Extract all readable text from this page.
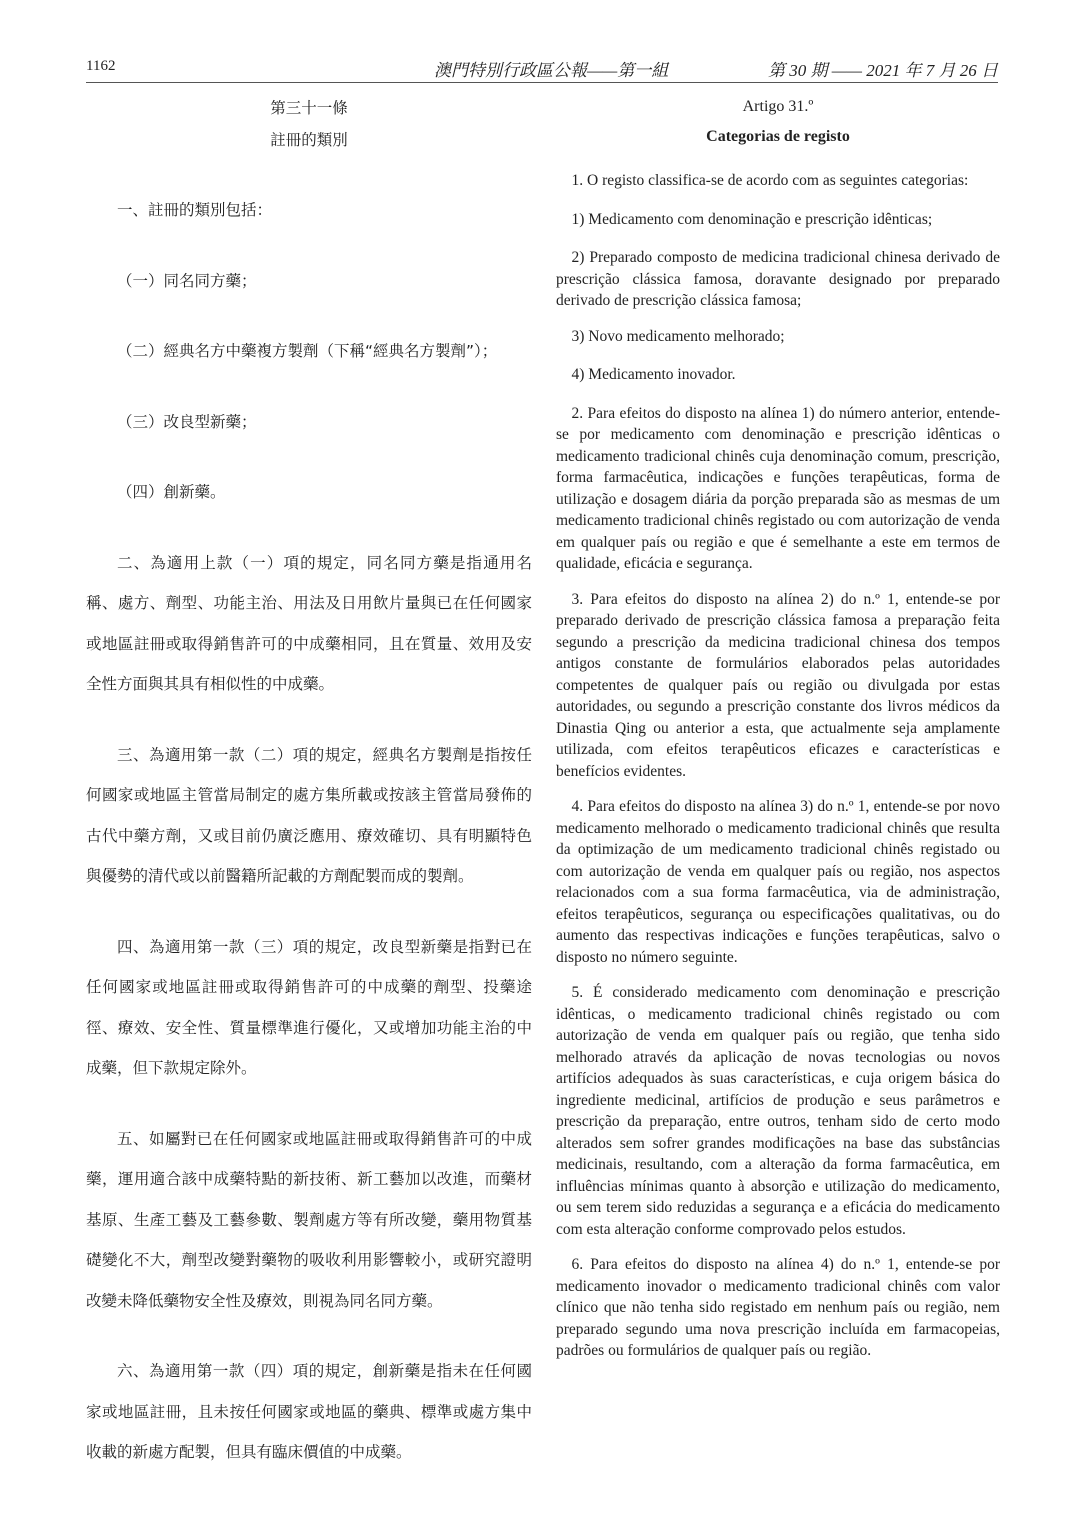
1162	澳門特別行政區公報——第一組	第 30 期 —— 2021 年 7 月 26 日

第三十一條

註冊的類別

一、註冊的類別包括：

（一）同名同方藥；

（二）經典名方中藥複方製劑（下稱“經典名方製劑”）；

（三）改良型新藥；

（四）創新藥。

二、為適用上款（一）項的規定，同名同方藥是指通用名稱、處方、劑型、功能主治、用法及日用飲片量與已在任何國家或地區註冊或取得銷售許可的中成藥相同，且在質量、效用及安全性方面與其具有相似性的中成藥。

三、為適用第一款（二）項的規定，經典名方製劑是指按任何國家或地區主管當局制定的處方集所載或按該主管當局發佈的古代中藥方劑，又或目前仍廣泛應用、療效確切、具有明顯特色與優勢的清代或以前醫籍所記載的方劑配製而成的製劑。

四、為適用第一款（三）項的規定，改良型新藥是指對已在任何國家或地區註冊或取得銷售許可的中成藥的劑型、投藥途徑、療效、安全性、質量標準進行優化，又或增加功能主治的中成藥，但下款規定除外。

五、如屬對已在任何國家或地區註冊或取得銷售許可的中成藥，運用適合該中成藥特點的新技術、新工藝加以改進，而藥材基原、生產工藝及工藝參數、製劑處方等有所改變，藥用物質基礎變化不大，劑型改變對藥物的吸收利用影響較小，或研究證明改變未降低藥物安全性及療效，則視為同名同方藥。

六、為適用第一款（四）項的規定，創新藥是指未在任何國家或地區註冊，且未按任何國家或地區的藥典、標準或處方集中收載的新處方配製，但具有臨床價值的中成藥。

Artigo 31.º

Categorias de registo

1. O registo classifica-se de acordo com as seguintes categorias:

1) Medicamento com denominação e prescrição idênticas;

2) Preparado composto de medicina tradicional chinesa derivado de prescrição clássica famosa, doravante designado por preparado derivado de prescrição clássica famosa;

3) Novo medicamento melhorado;

4) Medicamento inovador.

2. Para efeitos do disposto na alínea 1) do número anterior, entende-se por medicamento com denominação e prescrição idênticas o medicamento tradicional chinês cuja denominação comum, prescrição, forma farmacêutica, indicações e funções terapêuticas, forma de utilização e dosagem diária da porção preparada são as mesmas de um medicamento tradicional chinês registado ou com autorização de venda em qualquer país ou região e que é semelhante a este em termos de qualidade, eficácia e segurança.

3. Para efeitos do disposto na alínea 2) do n.º 1, entende-se por preparado derivado de prescrição clássica famosa a preparação feita segundo a prescrição da medicina tradicional chinesa dos tempos antigos constante de formulários elaborados pelas autoridades competentes de qualquer país ou região ou divulgada por estas autoridades, ou segundo a prescrição constante dos livros médicos da Dinastia Qing ou anterior a esta, que actualmente seja amplamente utilizada, com efeitos terapêuticos eficazes e características e benefícios evidentes.

4. Para efeitos do disposto na alínea 3) do n.º 1, entende-se por novo medicamento melhorado o medicamento tradicional chinês que resulta da optimização de um medicamento tradicional chinês registado ou com autorização de venda em qualquer país ou região, nos aspectos relacionados com a sua forma farmacêutica, via de administração, efeitos terapêuticos, segurança ou especificações qualitativas, ou do aumento das respectivas indicações e funções terapêuticas, salvo o disposto no número seguinte.

5. É considerado medicamento com denominação e prescrição idênticas, o medicamento tradicional chinês registado ou com autorização de venda em qualquer país ou região, que tenha sido melhorado através da aplicação de novas tecnologias ou novos artifícios adequados às suas características, e cuja origem básica do ingrediente medicinal, artifícios de produção e seus parâmetros e prescrição da preparação, entre outros, tenham sido de certo modo alterados sem sofrer grandes modificações na base das substâncias medicinais, resultando, com a alteração da forma farmacêutica, em influências mínimas quanto à absorção e utilização do medicamento, ou sem terem sido reduzidas a segurança e a eficácia do medicamento com esta alteração conforme comprovado pelos estudos.

6. Para efeitos do disposto na alínea 4) do n.º 1, entende-se por medicamento inovador o medicamento tradicional chinês com valor clínico que não tenha sido registado em nenhum país ou região, nem preparado segundo uma nova prescrição incluída em farmacopeias, padrões ou formulários de qualquer país ou região.
